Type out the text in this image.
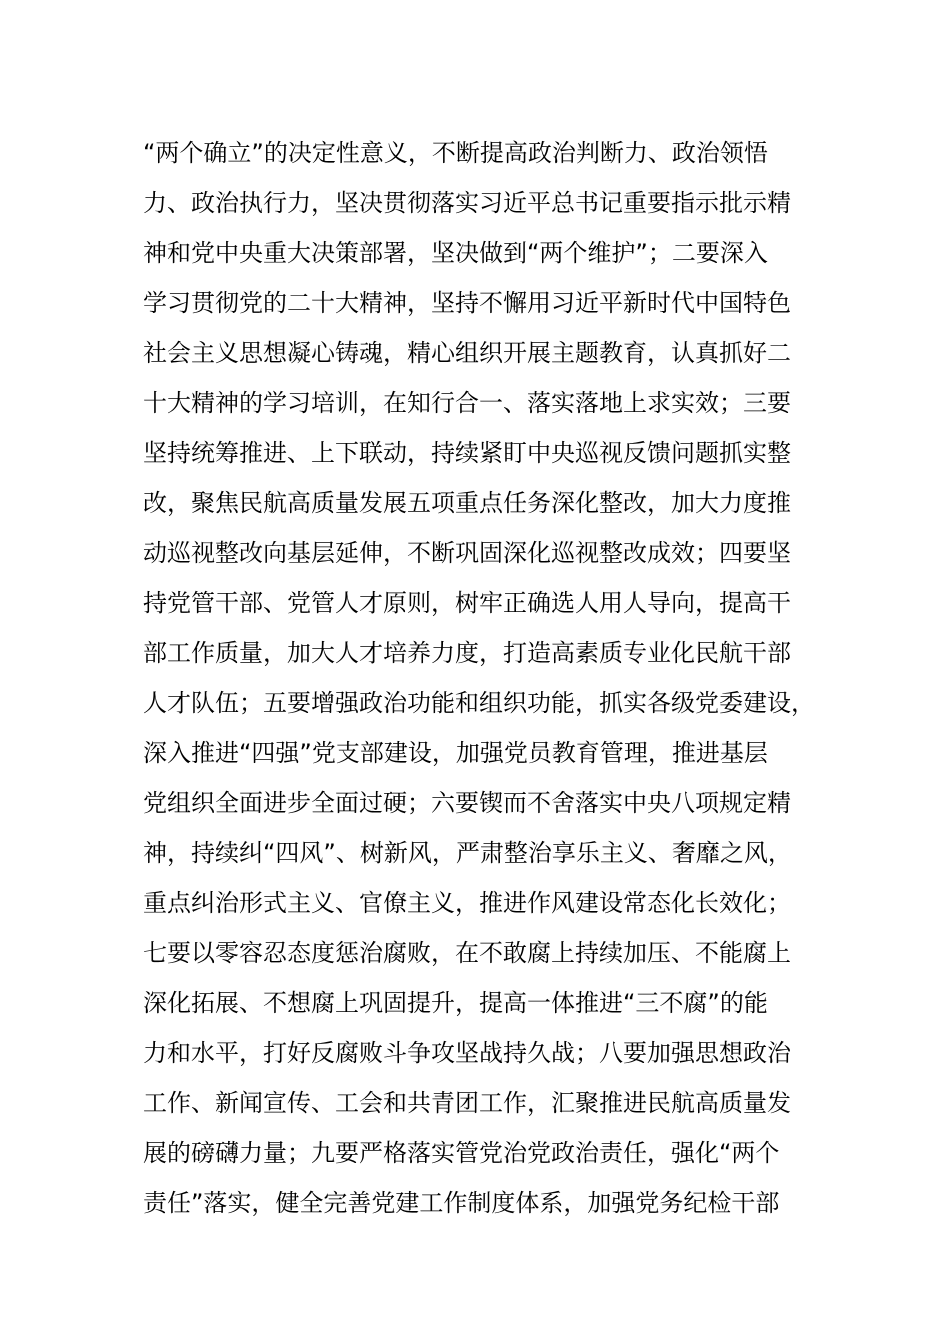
“两个确立”的决定性意义，不断提高政治判断力、政治领悟
力、政治执行力，坚决贯彻落实习近平总书记重要指示批示精
神和党中央重大决策部署，坚决做到“两个维护”；二要深入
学习贯彻党的二十大精神，坚持不懈用习近平新时代中国特色
社会主义思想凝心铸魂，精心组织开展主题教育，认真抓好二
十大精神的学习培训，在知行合一、落实落地上求实效；三要
坚持统筹推进、上下联动，持续紧盯中央巡视反馈问题抓实整
改，聚焦民航高质量发展五项重点任务深化整改，加大力度推
动巡视整改向基层延伸，不断巩固深化巡视整改成效；四要坚
持党管干部、党管人才原则，树牢正确选人用人导向，提高干
部工作质量，加大人才培养力度，打造高素质专业化民航干部
人才队伍；五要增强政治功能和组织功能，抓实各级党委建设，
深入推进“四强”党支部建设，加强党员教育管理，推进基层
党组织全面进步全面过硬；六要锲而不舍落实中央八项规定精
神，持续纠“四风”、树新风，严肃整治享乐主义、奢靡之风，
重点纠治形式主义、官僚主义，推进作风建设常态化长效化；
七要以零容忍态度惩治腐败，在不敢腐上持续加压、不能腐上
深化拓展、不想腐上巩固提升，提高一体推进“三不腐”的能
力和水平，打好反腐败斗争攻坚战持久战；八要加强思想政治
工作、新闻宣传、工会和共青团工作，汇聚推进民航高质量发
展的磅礴力量；九要严格落实管党治党政治责任，强化“两个
责任”落实，健全完善党建工作制度体系，加强党务纪检干部
